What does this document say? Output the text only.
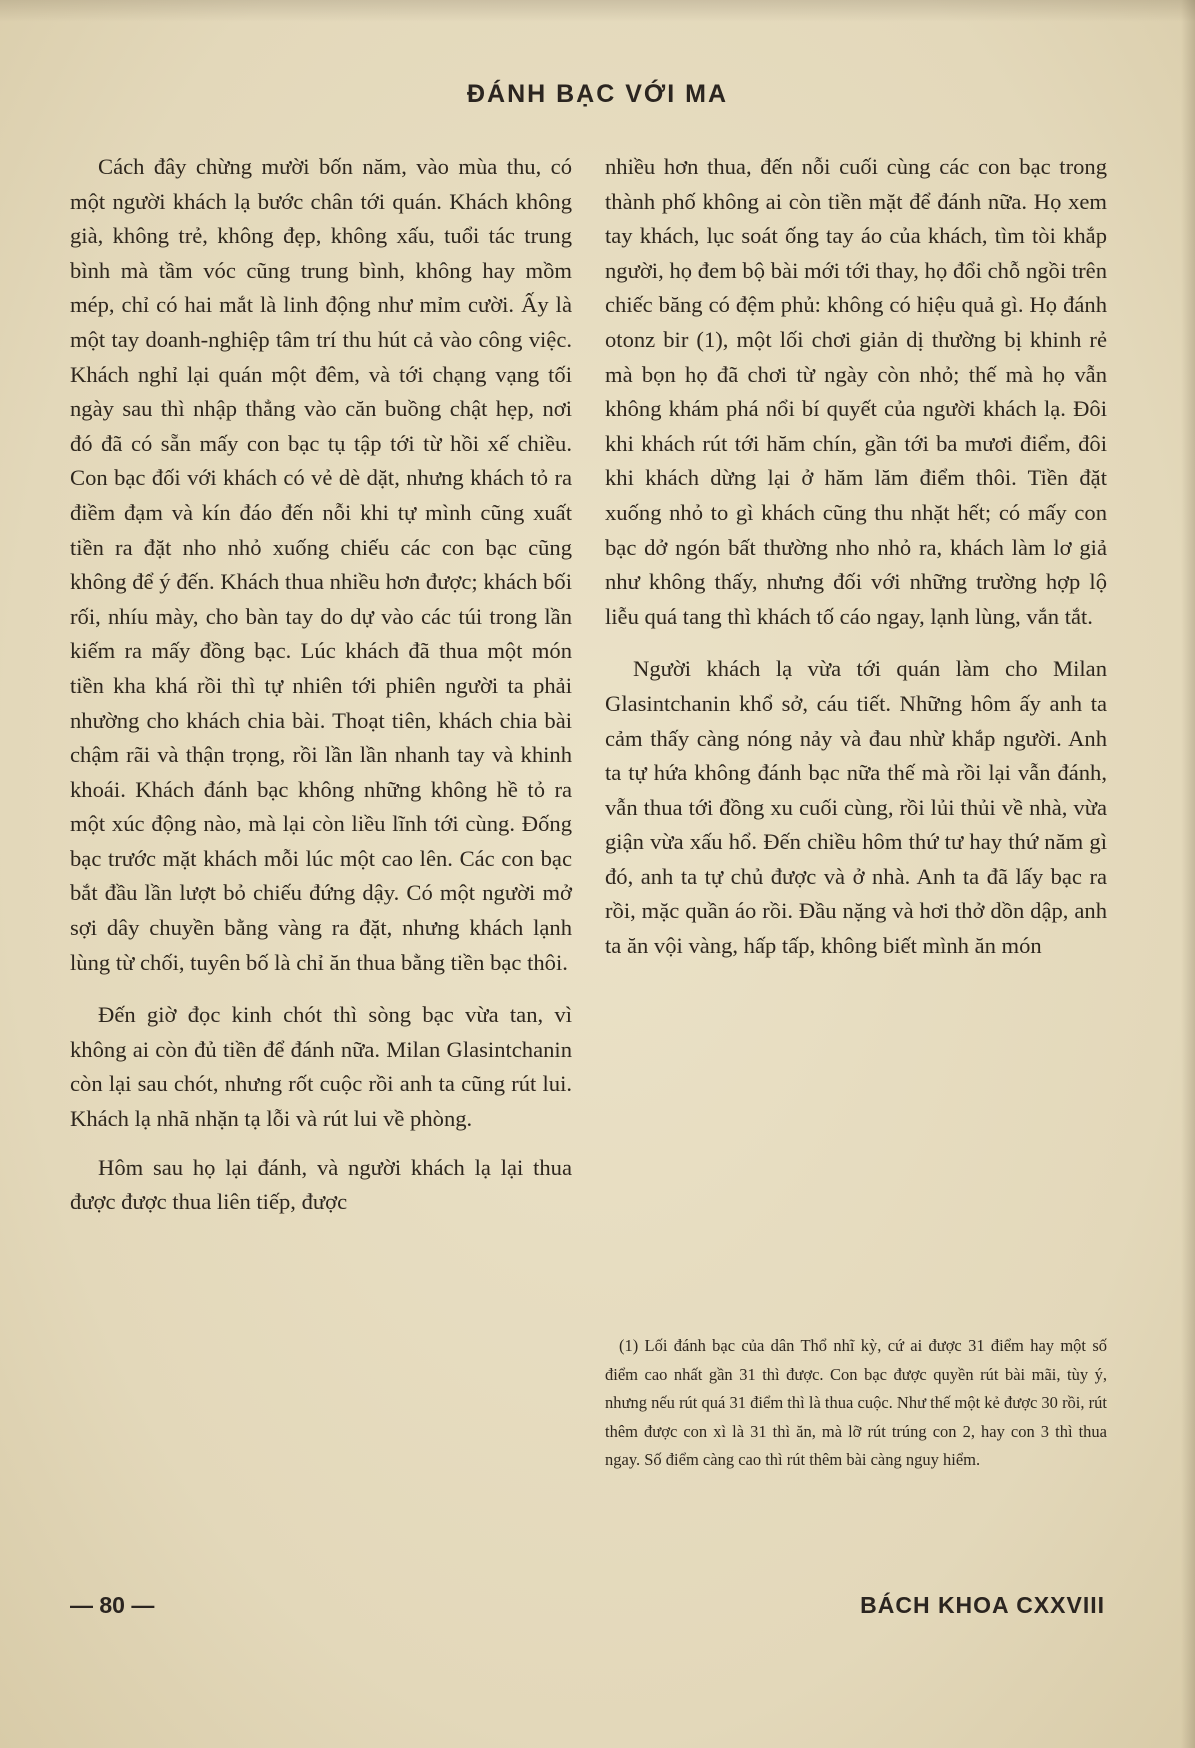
ĐÁNH BẠC VỚI MA

Cách đây chừng mười bốn năm, vào mùa thu, có một người khách lạ bước chân tới quán. Khách không già, không trẻ, không đẹp, không xấu, tuổi tác trung bình mà tầm vóc cũng trung bình, không hay mồm mép, chỉ có hai mắt là linh động như mỉm cười. Ấy là một tay doanh-nghiệp tâm trí thu hút cả vào công việc. Khách nghỉ lại quán một đêm, và tới chạng vạng tối ngày sau thì nhập thẳng vào căn buồng chật hẹp, nơi đó đã có sẵn mấy con bạc tụ tập tới từ hồi xế chiều. Con bạc đối với khách có vẻ dè dặt, nhưng khách tỏ ra điềm đạm và kín đáo đến nỗi khi tự mình cũng xuất tiền ra đặt nho nhỏ xuống chiếu các con bạc cũng không để ý đến. Khách thua nhiều hơn được; khách bối rối, nhíu mày, cho bàn tay do dự vào các túi trong lần kiếm ra mấy đồng bạc. Lúc khách đã thua một món tiền kha khá rồi thì tự nhiên tới phiên người ta phải nhường cho khách chia bài. Thoạt tiên, khách chia bài chậm rãi và thận trọng, rồi lần lần nhanh tay và khinh khoái. Khách đánh bạc không những không hề tỏ ra một xúc động nào, mà lại còn liều lĩnh tới cùng. Đống bạc trước mặt khách mỗi lúc một cao lên. Các con bạc bắt đầu lần lượt bỏ chiếu đứng dậy. Có một người mở sợi dây chuyền bằng vàng ra đặt, nhưng khách lạnh lùng từ chối, tuyên bố là chỉ ăn thua bằng tiền bạc thôi.

Đến giờ đọc kinh chót thì sòng bạc vừa tan, vì không ai còn đủ tiền để đánh nữa. Milan Glasintchanin còn lại sau chót, nhưng rốt cuộc rồi anh ta cũng rút lui. Khách lạ nhã nhặn tạ lỗi và rút lui về phòng.

Hôm sau họ lại đánh, và người khách lạ lại thua được được thua liên tiếp, được

nhiều hơn thua, đến nỗi cuối cùng các con bạc trong thành phố không ai còn tiền mặt để đánh nữa. Họ xem tay khách, lục soát ống tay áo của khách, tìm tòi khắp người, họ đem bộ bài mới tới thay, họ đổi chỗ ngồi trên chiếc băng có đệm phủ: không có hiệu quả gì. Họ đánh otonz bir (1), một lối chơi giản dị thường bị khinh rẻ mà bọn họ đã chơi từ ngày còn nhỏ; thế mà họ vẫn không khám phá nổi bí quyết của người khách lạ. Đôi khi khách rút tới hăm chín, gần tới ba mươi điểm, đôi khi khách dừng lại ở hăm lăm điểm thôi. Tiền đặt xuống nhỏ to gì khách cũng thu nhặt hết; có mấy con bạc dở ngón bất thường nho nhỏ ra, khách làm lơ giả như không thấy, nhưng đối với những trường hợp lộ liễu quá tang thì khách tố cáo ngay, lạnh lùng, vắn tắt.

Người khách lạ vừa tới quán làm cho Milan Glasintchanin khổ sở, cáu tiết. Những hôm ấy anh ta cảm thấy càng nóng nảy và đau nhừ khắp người. Anh ta tự hứa không đánh bạc nữa thế mà rồi lại vẫn đánh, vẫn thua tới đồng xu cuối cùng, rồi lủi thủi về nhà, vừa giận vừa xấu hổ. Đến chiều hôm thứ tư hay thứ năm gì đó, anh ta tự chủ được và ở nhà. Anh ta đã lấy bạc ra rồi, mặc quần áo rồi. Đầu nặng và hơi thở dồn dập, anh ta ăn vội vàng, hấp tấp, không biết mình ăn món

(1) Lối đánh bạc của dân Thổ nhĩ kỳ, cứ ai được 31 điểm hay một số điểm cao nhất gần 31 thì được. Con bạc được quyền rút bài mãi, tùy ý, nhưng nếu rút quá 31 điểm thì là thua cuộc. Như thế một kẻ được 30 rồi, rút thêm được con xì là 31 thì ăn, mà lỡ rút trúng con 2, hay con 3 thì thua ngay. Số điểm càng cao thì rút thêm bài càng nguy hiểm.

— 80 —	BÁCH KHOA CXXVIII
